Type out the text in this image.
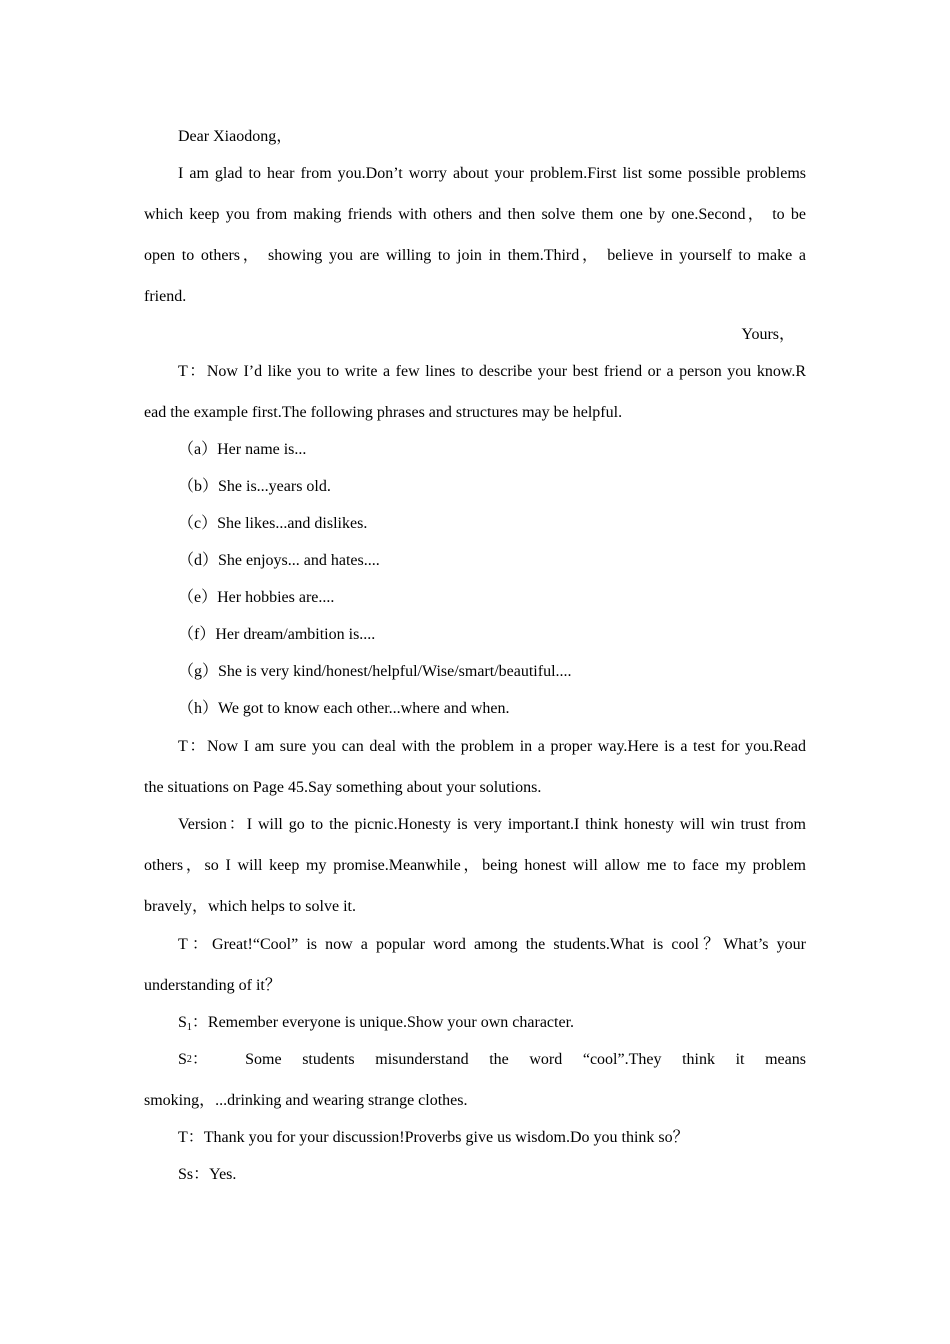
Dear Xiaodong，
I am glad to hear from you.Don’t worry about your problem.First list some possible problems
which keep you from making friends with others and then solve them one by one.Second， to be
open to others， showing you are willing to join in them.Third， believe in yourself to make a
friend.
Yours，
T：Now I’d like you to write a few lines to describe your best friend or a person you know.R
ead the example first.The following phrases and structures may be helpful.
（a）Her name is...
（b）She is...years old.
（c）She likes...and dislikes.
（d）She enjoys... and hates....
（e）Her hobbies are....
（f）Her dream/ambition is....
（g）She is very kind/honest/helpful/Wise/smart/beautiful....
（h）We got to know each other...where and when.
T：Now I am sure you can deal with the problem in a proper way.Here is a test for you.Read
the situations on Page 45.Say something about your solutions.
Version：I will go to the picnic.Honesty is very important.I think honesty will win trust from
others，so I will keep my promise.Meanwhile，being honest will allow me to face my problem
bravely，which helps to solve it.
T：Great!“Cool” is now a popular word among the students.What is cool？What’s your
understanding of it？
$S_1$：Remember everyone is unique.Show your own character.
S 2 ： Some students misunderstand the word “cool”.They think it means
smoking，...drinking and wearing strange clothes.
T：Thank you for your discussion!Proverbs give us wisdom.Do you think so？
Ss：Yes.
